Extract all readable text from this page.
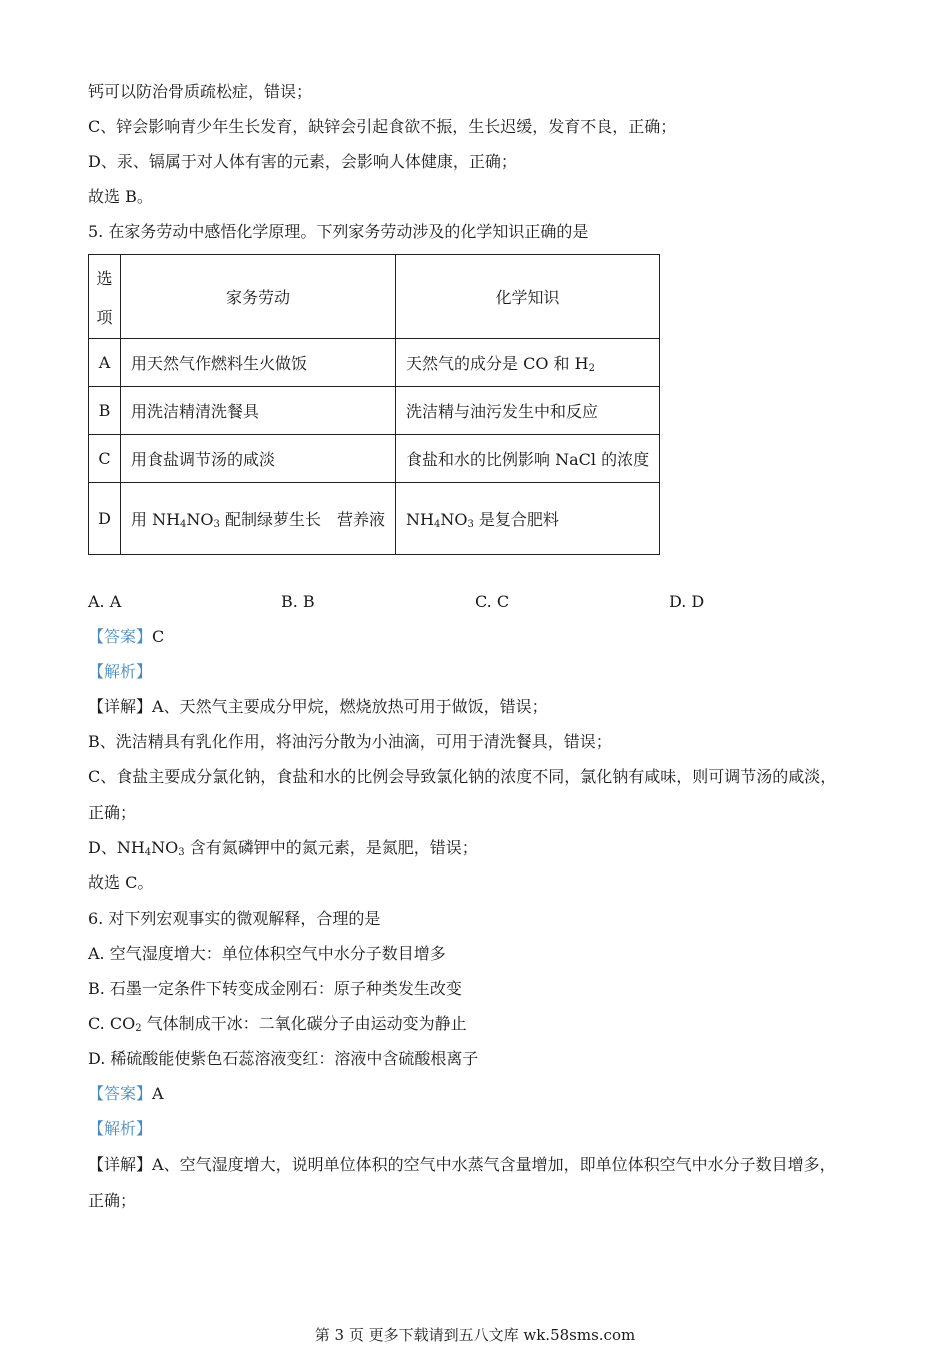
钙可以防治骨质疏松症，错误；
C、锌会影响青少年生长发育，缺锌会引起食欲不振，生长迟缓，发育不良，正确；
D、汞、镉属于对人体有害的元素，会影响人体健康，正确；
故选 B。
5. 在家务劳动中感悟化学原理。下列家务劳动涉及的化学知识正确的是
选
项	家务劳动	化学知识
A	用天然气作燃料生火做饭	天然气的成分是 CO 和 $H_2$
B	用洗洁精清洗餐具	洗洁精与油污发生中和反应
C	用食盐调节汤的咸淡	食盐和水的比例影响 NaCl 的浓度
D	用 $NH_4NO_3$ 配制绿萝生长　营养液	$NH_4NO_3$ 是复合肥料
A. A	B. B	C. C	D. D
【答案】C
【解析】
【详解】A、天然气主要成分甲烷，燃烧放热可用于做饭，错误；
B、洗洁精具有乳化作用，将油污分散为小油滴，可用于清洗餐具，错误；
C、食盐主要成分氯化钠，食盐和水的比例会导致氯化钠的浓度不同，氯化钠有咸味，则可调节汤的咸淡，
正确；
D、$NH_4NO_3$ 含有氮磷钾中的氮元素，是氮肥，错误；
故选 C。
6. 对下列宏观事实的微观解释，合理的是
A. 空气湿度增大：单位体积空气中水分子数目增多
B. 石墨一定条件下转变成金刚石：原子种类发生改变
C. $CO_2$ 气体制成干冰：二氧化碳分子由运动变为静止
D. 稀硫酸能使紫色石蕊溶液变红：溶液中含硫酸根离子
【答案】A
【解析】
【详解】A、空气湿度增大，说明单位体积的空气中水蒸气含量增加，即单位体积空气中水分子数目增多，
正确；
第 3 页 更多下载请到五八文库 wk.58sms.com
